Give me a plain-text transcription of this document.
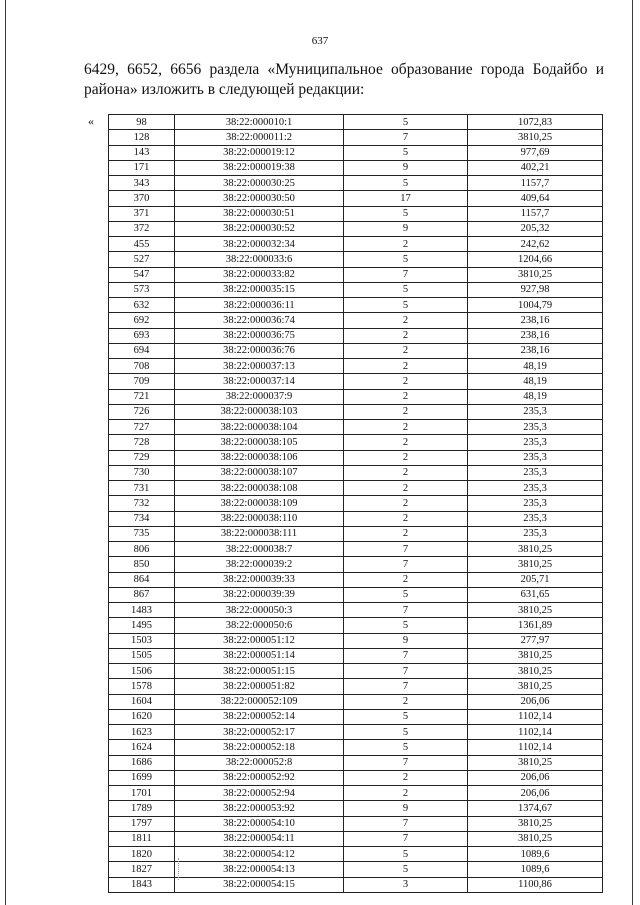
637
6429, 6652, 6656 раздела «Муниципальное образование города Бодайбо и района» изложить в следующей редакции:
«	98	38:22:000010:1	5	1072,83
128	38:22:000011:2	7	3810,25
143	38:22:000019:12	5	977,69
171	38:22:000019:38	9	402,21
343	38:22:000030:25	5	1157,7
370	38:22:000030:50	17	409,64
371	38:22:000030:51	5	1157,7
372	38:22:000030:52	9	205,32
455	38:22:000032:34	2	242,62
527	38:22:000033:6	5	1204,66
547	38:22:000033:82	7	3810,25
573	38:22:000035:15	5	927,98
632	38:22:000036:11	5	1004,79
692	38:22:000036:74	2	238,16
693	38:22:000036:75	2	238,16
694	38:22:000036:76	2	238,16
708	38:22:000037:13	2	48,19
709	38:22:000037:14	2	48,19
721	38:22:000037:9	2	48,19
726	38:22:000038:103	2	235,3
727	38:22:000038:104	2	235,3
728	38:22:000038:105	2	235,3
729	38:22:000038:106	2	235,3
730	38:22:000038:107	2	235,3
731	38:22:000038:108	2	235,3
732	38:22:000038:109	2	235,3
734	38:22:000038:110	2	235,3
735	38:22:000038:111	2	235,3
806	38:22:000038:7	7	3810,25
850	38:22:000039:2	7	3810,25
864	38:22:000039:33	2	205,71
867	38:22:000039:39	5	631,65
1483	38:22:000050:3	7	3810,25
1495	38:22:000050:6	5	1361,89
1503	38:22:000051:12	9	277,97
1505	38:22:000051:14	7	3810,25
1506	38:22:000051:15	7	3810,25
1578	38:22:000051:82	7	3810,25
1604	38:22:000052:109	2	206,06
1620	38:22:000052:14	5	1102,14
1623	38:22:000052:17	5	1102,14
1624	38:22:000052:18	5	1102,14
1686	38:22:000052:8	7	3810,25
1699	38:22:000052:92	2	206,06
1701	38:22:000052:94	2	206,06
1789	38:22:000053:92	9	1374,67
1797	38:22:000054:10	7	3810,25
1811	38:22:000054:11	7	3810,25
1820	38:22:000054:12	5	1089,6
1827	38:22:000054:13	5	1089,6
1843	38:22:000054:15	3	1100,86
